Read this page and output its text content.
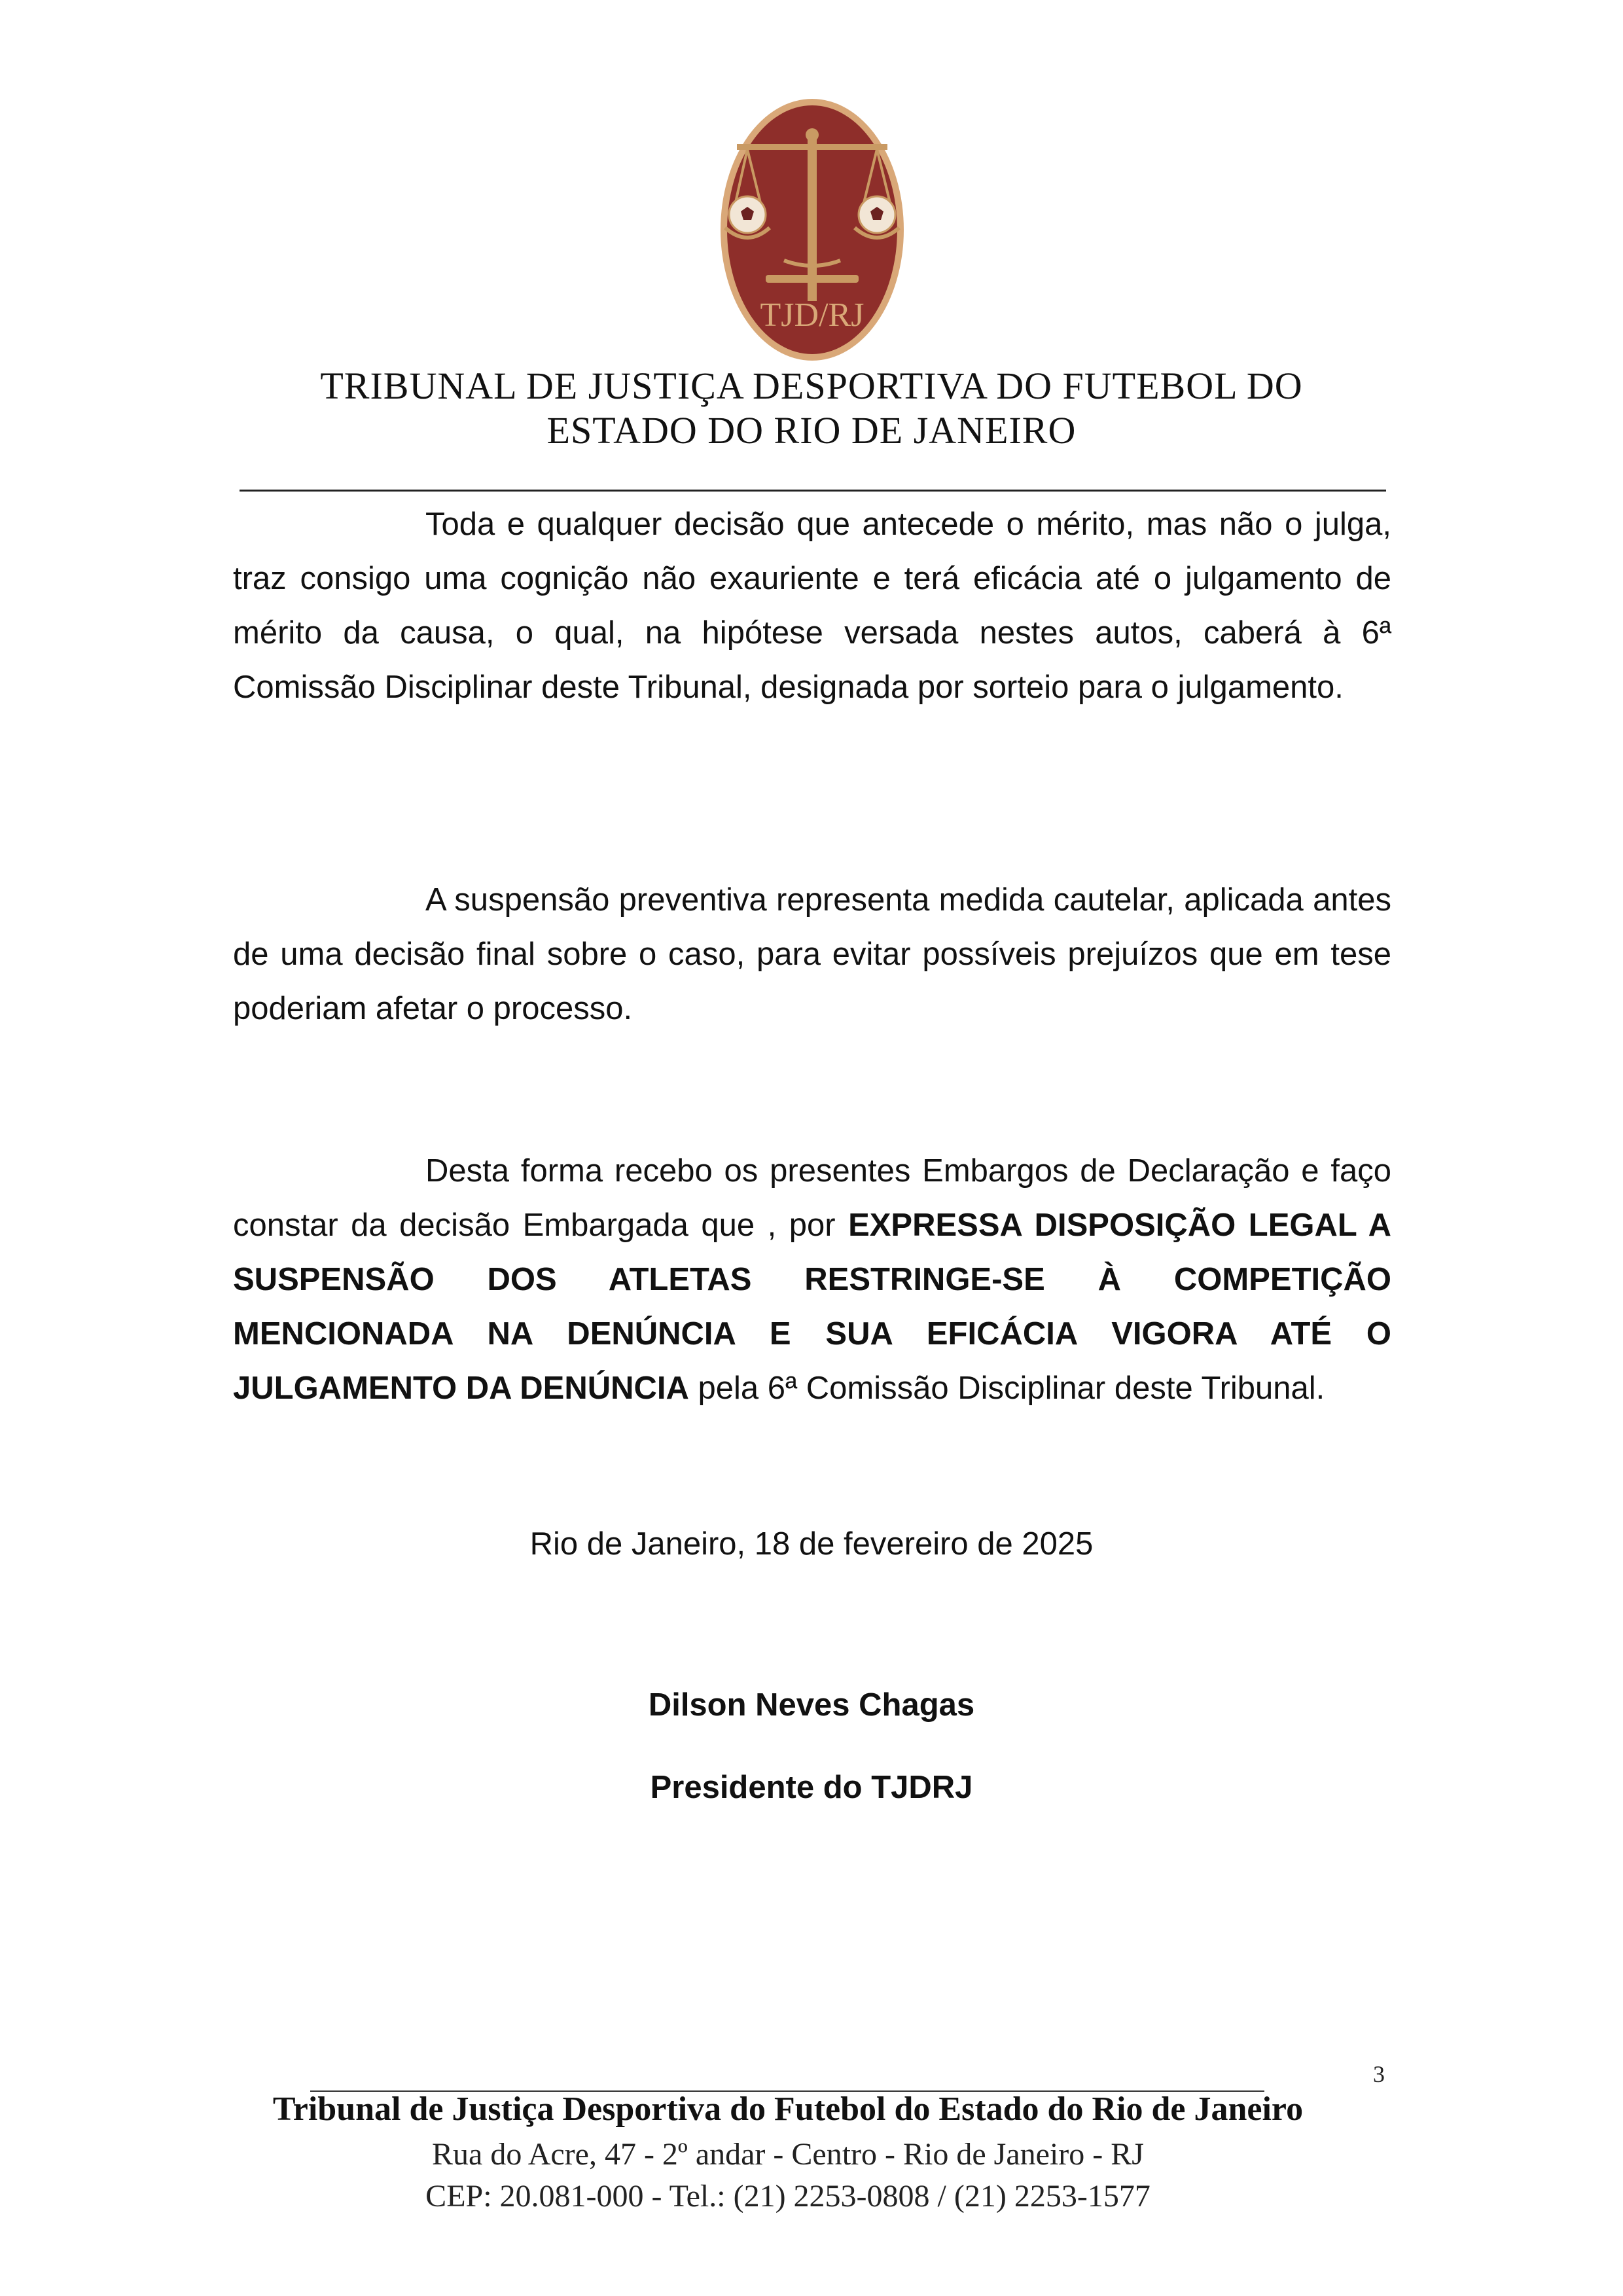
TJD/RJ
TRIBUNAL DE JUSTIÇA DESPORTIVA DO FUTEBOL DO
ESTADO DO RIO DE JANEIRO
Toda e qualquer decisão que antecede o mérito, mas não o julga, traz consigo uma cognição não exauriente e terá eficácia até o julgamento de mérito da causa, o qual, na hipótese versada nestes autos, caberá à 6ª Comissão Disciplinar deste Tribunal, designada por sorteio para o julgamento.
A suspensão preventiva representa medida cautelar, aplicada antes de uma decisão final sobre o caso, para evitar possíveis prejuízos que em tese poderiam afetar o processo.
Desta forma recebo os presentes Embargos de Declaração e faço constar da decisão Embargada que , por EXPRESSA DISPOSIÇÃO LEGAL A SUSPENSÃO DOS ATLETAS RESTRINGE-SE À COMPETIÇÃO MENCIONADA NA DENÚNCIA E SUA EFICÁCIA VIGORA ATÉ O JULGAMENTO DA DENÚNCIA pela 6ª Comissão Disciplinar deste Tribunal.
Rio de Janeiro, 18 de fevereiro de 2025
Dilson Neves Chagas
Presidente do TJDRJ
3
Tribunal de Justiça Desportiva do Futebol do Estado do Rio de Janeiro
Rua do Acre, 47 - 2º andar - Centro - Rio de Janeiro - RJ
CEP: 20.081-000 - Tel.: (21) 2253-0808 / (21) 2253-1577
